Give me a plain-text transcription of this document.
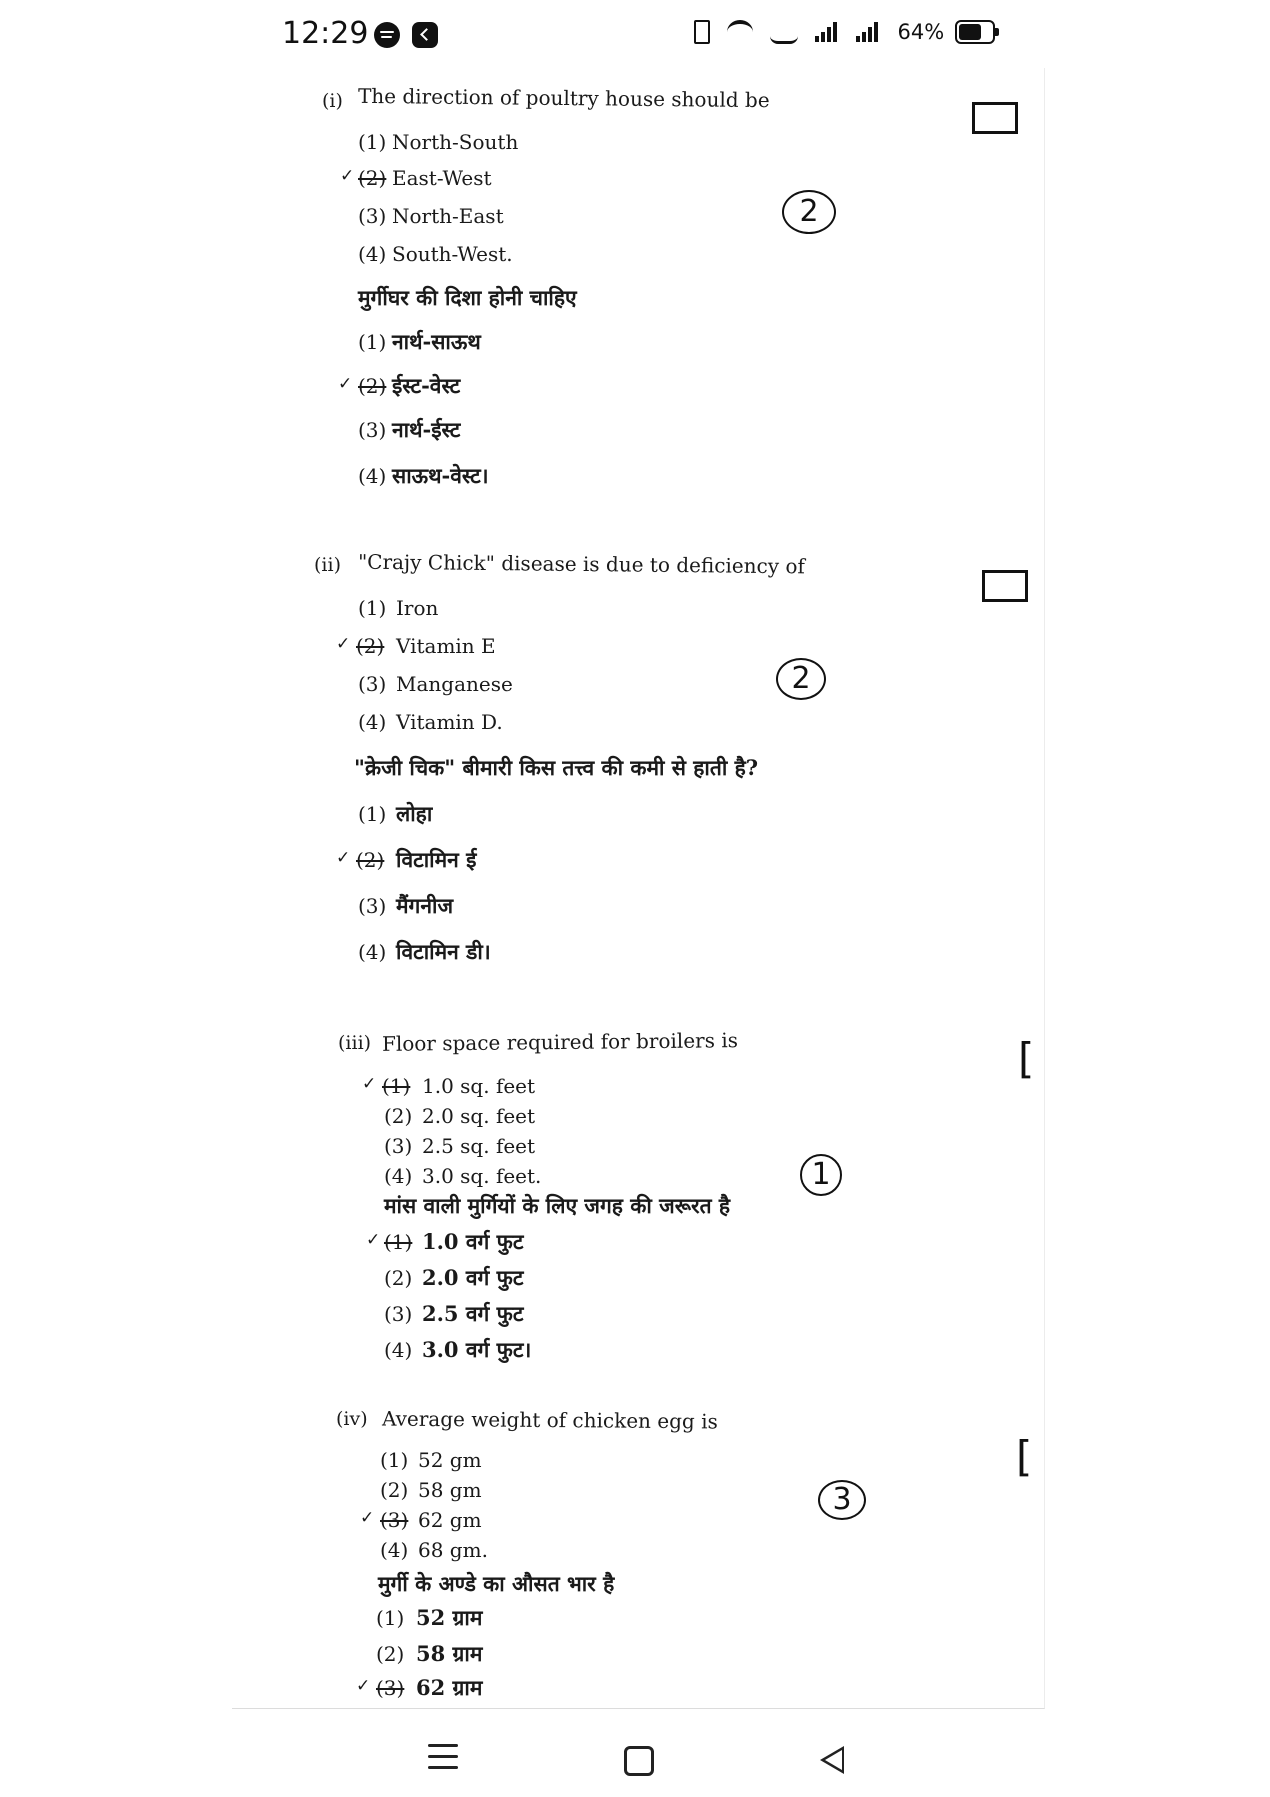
12:29

	64%
(i) The direction of poultry house should be
(1) North-South
✓ (2) East-West
(3) North-East
(4) South-West.
मुर्गीघर की दिशा होनी चाहिए
(1) नार्थ-साऊथ
✓ (2) ईस्ट-वेस्ट
(3) नार्थ-ईस्ट
(4) साऊथ-वेस्ट।
2
(ii) "Crajy Chick" disease is due to deficiency of
(1) Iron
✓ (2) Vitamin E
(3) Manganese
(4) Vitamin D.
"क्रेजी चिक" बीमारी किस तत्त्व की कमी से हाती है?
(1) लोहा
✓ (2) विटामिन ई
(3) मैंगनीज
(4) विटामिन डी।
2
(iii) Floor space required for broilers is
✓ (1) 1.0 sq. feet
(2) 2.0 sq. feet
(3) 2.5 sq. feet
(4) 3.0 sq. feet.
मांस वाली मुर्गियों के लिए जगह की जरूरत है
✓ (1) 1.0 वर्ग फुट
(2) 2.0 वर्ग फुट
(3) 2.5 वर्ग फुट
(4) 3.0 वर्ग फुट।
1
[
(iv) Average weight of chicken egg is
(1) 52 gm
(2) 58 gm
✓ (3) 62 gm
(4) 68 gm.
मुर्गी के अण्डे का औसत भार है
(1) 52 ग्राम
(2) 58 ग्राम
✓ (3) 62 ग्राम
3
[
